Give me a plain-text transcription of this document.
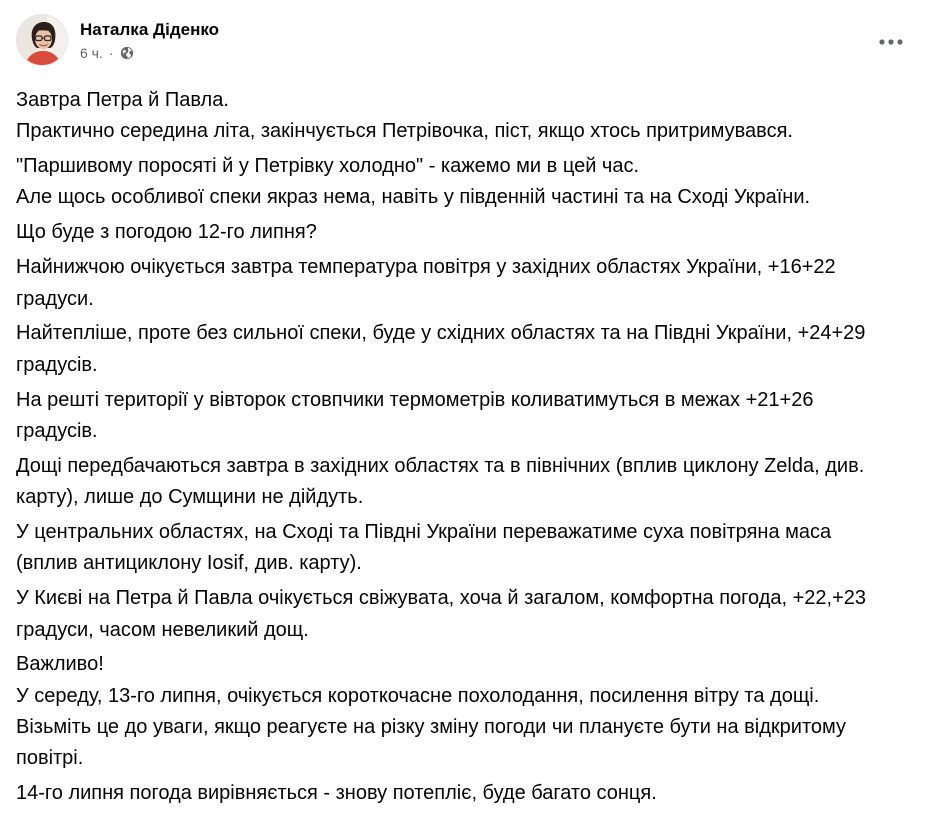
Наталка Діденко
6 ч. ·

Завтра Петра й Павла.
Практично середина літа, закінчується Петрівочка, піст, якщо хтось притримувався.

"Паршивому поросяті й у Петрівку холодно" - кажемо ми в цей час.
Але щось особливої спеки якраз нема, навіть у південній частині та на Сході України.

Що буде з погодою 12-го липня?

Найнижчою очікується завтра температура повітря у західних областях України, +16+22
градуси.

Найтепліше, проте без сильної спеки, буде у східних областях та на Півдні України, +24+29
градусів.

На решті території у вівторок стовпчики термометрів коливатимуться в межах +21+26
градусів.

Дощі передбачаються завтра в західних областях та в північних (вплив циклону Zelda, див.
карту), лише до Сумщини не дійдуть.

У центральних областях, на Сході та Півдні України переважатиме суха повітряна маса
(вплив антициклону Iosif, див. карту).

У Києві на Петра й Павла очікується свіжувата, хоча й загалом, комфортна погода, +22,+23
градуси, часом невеликий дощ.

Важливо!
У середу, 13-го липня, очікується короткочасне похолодання, посилення вітру та дощі.
Візьміть це до уваги, якщо реагуєте на різку зміну погоди чи плануєте бути на відкритому
повітрі.

14-го липня погода вирівняється - знову потепліє, буде багато сонця.
